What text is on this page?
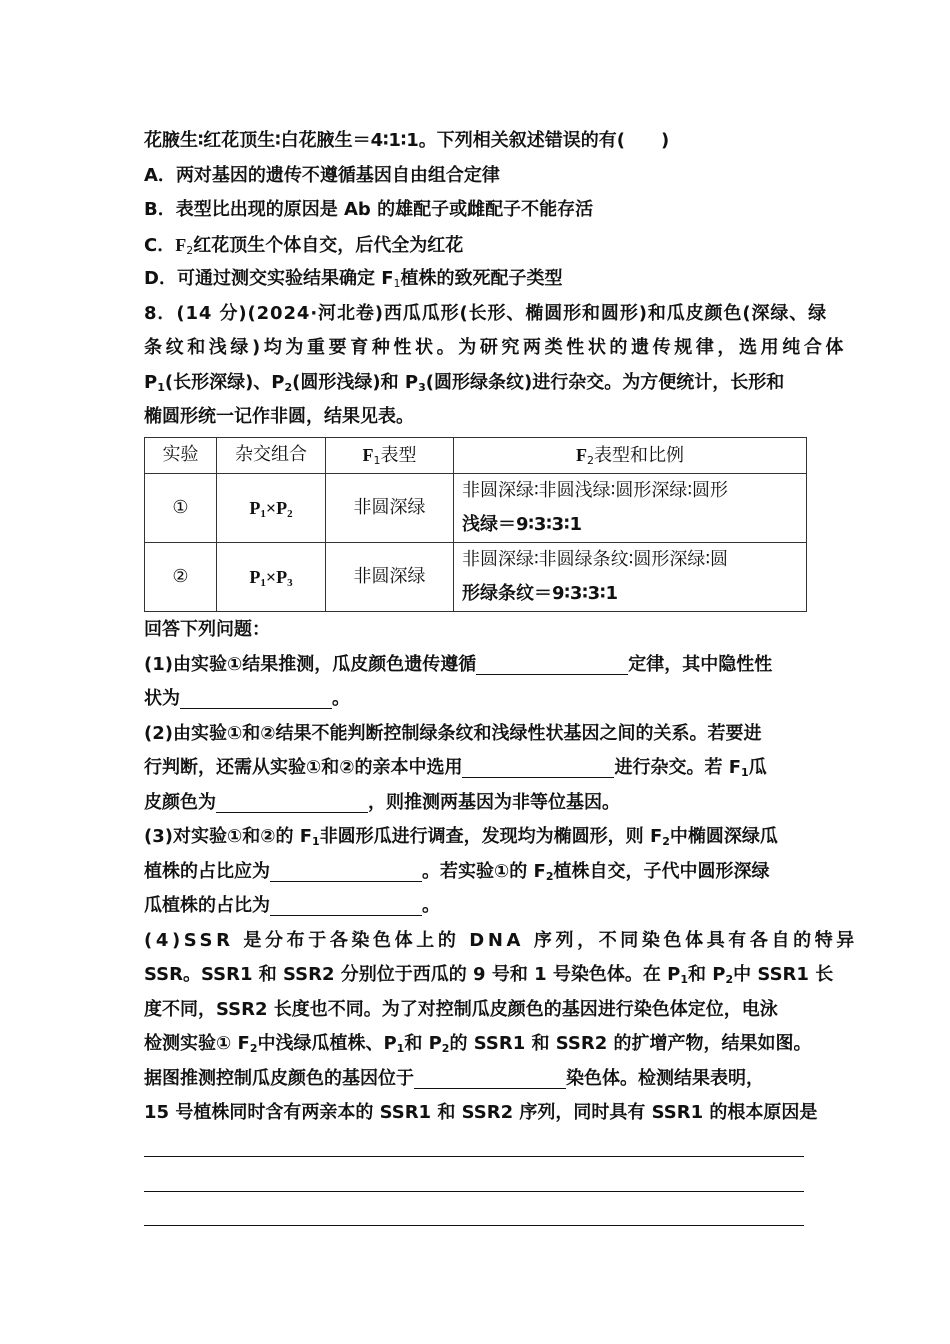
花腋生∶红花顶生∶白花腋生＝4∶1∶1。下列相关叙述错误的有(　　)
A．两对基因的遗传不遵循基因自由组合定律
B．表型比出现的原因是 Ab 的雄配子或雌配子不能存活
C．$F_2$红花顶生个体自交，后代全为红花
D．可通过测交实验结果确定 $F_1$植株的致死配子类型
8．(14 分)(2024·河北卷)西瓜瓜形(长形、椭圆形和圆形)和瓜皮颜色(深绿、绿
条纹和浅绿)均为重要育种性状。为研究两类性状的遗传规律，选用纯合体
$P_1$(长形深绿)、$P_2$(圆形浅绿)和 $P_3$(圆形绿条纹)进行杂交。为方便统计，长形和
椭圆形统一记作非圆，结果见表。
实验	杂交组合	$F_1$表型	$F_2$表型和比例
①	$P_1\times P_2$	非圆深绿	非圆深绿∶非圆浅绿∶圆形深绿∶圆形
浅绿＝9∶3∶3∶1

②	$P_1\times P_3$	非圆深绿	非圆深绿∶非圆绿条纹∶圆形深绿∶圆
形绿条纹＝9∶3∶3∶1
回答下列问题：
(1)由实验①结果推测，瓜皮颜色遗传遵循	定律，其中隐性性
状为	。
(2)由实验①和②结果不能判断控制绿条纹和浅绿性状基因之间的关系。若要进
行判断，还需从实验①和②的亲本中选用	进行杂交。若 $F_1$瓜
皮颜色为	，则推测两基因为非等位基因。
(3)对实验①和②的 $F_1$非圆形瓜进行调查，发现均为椭圆形，则 $F_2$中椭圆深绿瓜
植株的占比应为	。若实验①的 $F_2$植株自交，子代中圆形深绿
瓜植株的占比为	。
(4)SSR 是分布于各染色体上的 DNA 序列，不同染色体具有各自的特异
SSR。SSR1 和 SSR2 分别位于西瓜的 9 号和 1 号染色体。在 $P_1$和 $P_2$中 SSR1 长
度不同，SSR2 长度也不同。为了对控制瓜皮颜色的基因进行染色体定位，电泳
检测实验① $F_2$中浅绿瓜植株、$P_1$和 $P_2$的 SSR1 和 SSR2 的扩增产物，结果如图。
据图推测控制瓜皮颜色的基因位于	染色体。检测结果表明，
15 号植株同时含有两亲本的 SSR1 和 SSR2 序列，同时具有 SSR1 的根本原因是
